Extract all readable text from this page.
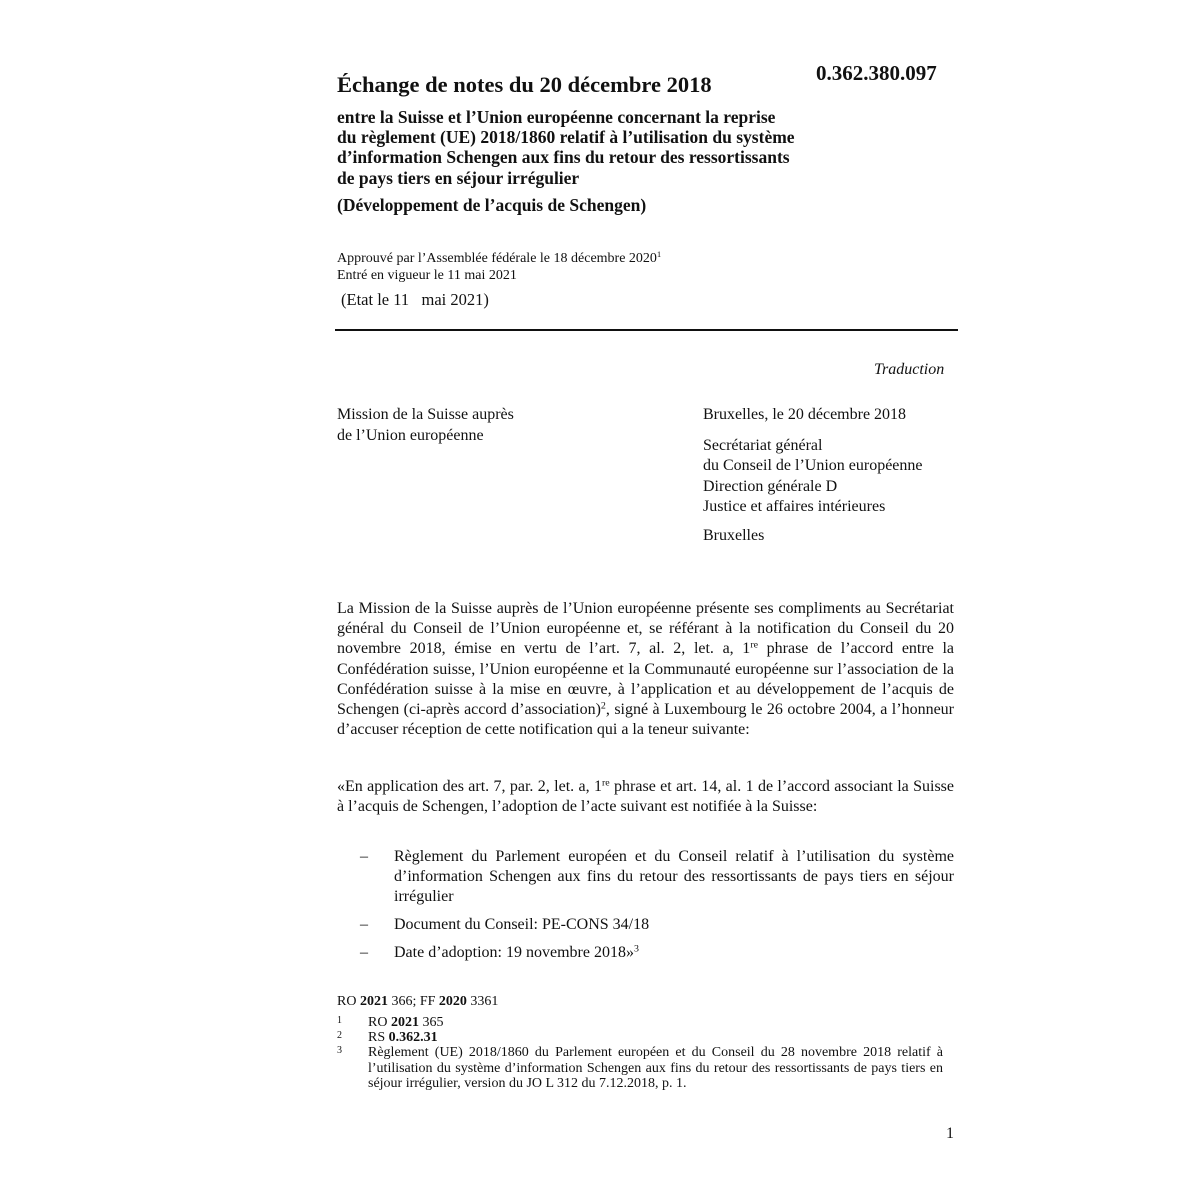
Échange de notes du 20 décembre 2018	0.362.380.097
entre la Suisse et l’Union européenne concernant la reprise
du règlement (UE) 2018/1860 relatif à l’utilisation du système
d’information Schengen aux fins du retour des ressortissants
de pays tiers en séjour irrégulier
(Développement de l’acquis de Schengen)
Approuvé par l’Assemblée fédérale le 18 décembre 2020$^1$
Entré en vigueur le 11 mai 2021
(Etat le 11   mai 2021)
Traduction
Mission de la Suisse auprès
de l’Union européenne
Bruxelles, le 20 décembre 2018
Secrétariat général
du Conseil de l’Union européenne
Direction générale D
Justice et affaires intérieures
Bruxelles
La Mission de la Suisse auprès de l’Union européenne présente ses compliments au Secrétariat général du Conseil de l’Union européenne et, se référant à la notification du Conseil du 20 novembre 2018, émise en vertu de l’art. 7, al. 2, let. a, 1re phrase de l’accord entre la Confédération suisse, l’Union européenne et la Communauté européenne sur l’association de la Confédération suisse à la mise en œuvre, à l’application et au développement de l’acquis de Schengen (ci-après accord d’association)$^2$, signé à Luxembourg le 26 octobre 2004, a l’honneur d’accuser réception de cette notification qui a la teneur suivante:
«En application des art. 7, par. 2, let. a, 1re phrase et art. 14, al. 1 de l’accord associant la Suisse à l’acquis de Schengen, l’adoption de l’acte suivant est notifiée à la Suisse:
–	Règlement du Parlement européen et du Conseil relatif à l’utilisation du système d’information Schengen aux fins du retour des ressortissants de pays tiers en séjour irrégulier
–	Document du Conseil: PE-CONS 34/18
–	Date d’adoption: 19 novembre 2018»$^3$
RO 2021 366; FF 2020 3361
1	RO 2021 365
2	RS 0.362.31
3	Règlement (UE) 2018/1860 du Parlement européen et du Conseil du 28 novembre 2018 relatif à l’utilisation du système d’information Schengen aux fins du retour des ressortissants de pays tiers en séjour irrégulier, version du JO L 312 du 7.12.2018, p. 1.
1
